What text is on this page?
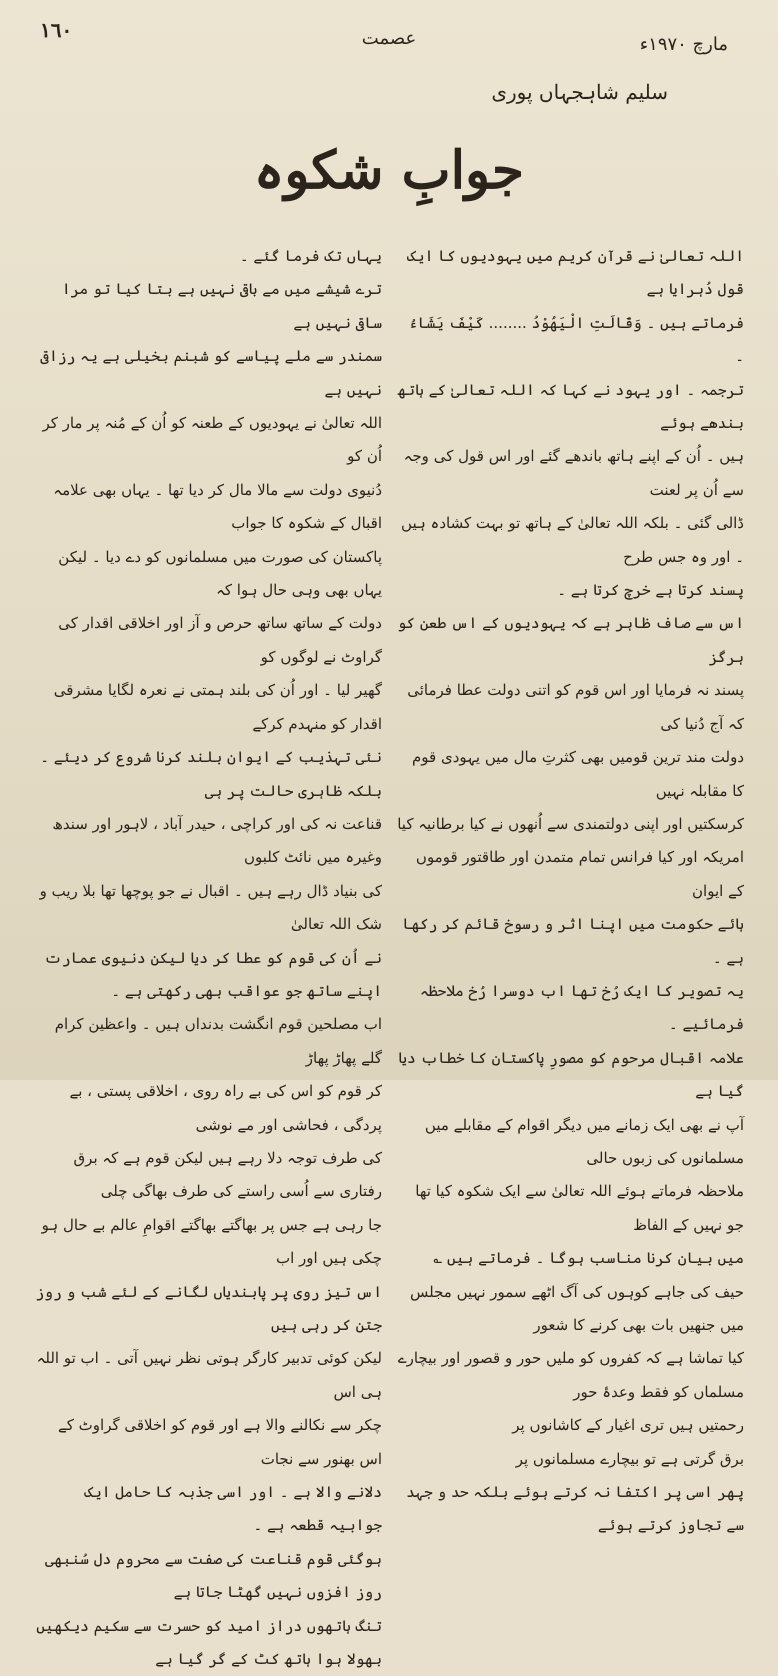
١٦٠	عصمت	مارچ ۱۹۷۰ء
سلیم شاہجہاں پوری
جوابِ شکوہ

اللہ تعالیٰ نے قرآن کریم میں یہودیوں کا ایک قول دُہرایا ہے

فرماتے ہیں ۔ وَقَالَتِ الْيَهُوْدُ ........ كَيْفَ يَشَاءُ ۔

ترجمہ ۔ اور یہود نے کہا کہ اللہ تعالیٰ کے ہاتھ بندھے ہوئے

ہیں ۔ اُن کے اپنے ہاتھ باندھے گئے اور اس قول کی وجہ سے اُن پر لعنت

ڈالی گئی ۔ بلکہ اللہ تعالیٰ کے ہاتھ تو بہت کشادہ ہیں ۔ اور وہ جس طرح

پسند کرتا ہے خرچ کرتا ہے ۔

اس سے صاف ظاہر ہے کہ یہودیوں کے اس طعن کو ہرگز

پسند نہ فرمایا اور اس قوم کو اتنی دولت عطا فرمائی کہ آج دُنیا کی

دولت مند ترین قومیں بھی کثرتِ مال میں یہودی قوم کا مقابلہ نہیں

کرسکتیں اور اپنی دولتمندی سے اُنھوں نے کیا برطانیہ کیا

امریکہ اور کیا فرانس تمام متمدن اور طاقتور قوموں کے ایوان

ہائے حکومت میں اپنا اثر و رسوخ قائم کر رکھا ہے ۔

یہ تصویر کا ایک رُخ تھا اب دوسرا رُخ ملاحظہ فرمائیے ۔

علامہ اقبال مرحوم کو مصورِ پاکستان کا خطاب دیا گیا ہے

آپ نے بھی ایک زمانے میں دیگر اقوام کے مقابلے میں مسلمانوں کی زبوں حالی

ملاحظہ فرماتے ہوئے اللہ تعالیٰ سے ایک شکوہ کیا تھا جو نہیں کے الفاظ

میں بیان کرنا مناسب ہوگا ۔ فرماتے ہیں ؎

حیف کی جاہے کوہوں کی آگ اٹھے سمور نہیں مجلس میں جنھیں بات بھی کرنے کا شعور

کیا تماشا ہے کہ کفروں کو ملیں حور و قصور اور بیچارے مسلماں کو فقط وعدۂ حور

رحمتیں ہیں تری اغیار کے کاشانوں پر

برق گرتی ہے تو بیچارے مسلمانوں پر

پھر اسی پر اکتفا نہ کرتے ہوئے بلکہ حد و جہد سے تجاوز کرتے ہوئے

یہاں تک فرما گئے ۔

ترے شیشے میں مے باقی نہیں ہے بتا کیا تو مرا ساقی نہیں ہے

سمندر سے ملے پیاسے کو شبنم بخیلی ہے یہ رزاقی نہیں ہے

اللہ تعالیٰ نے یہودیوں کے طعنہ کو اُن کے مُنہ پر مار کر اُن کو

دُنیوی دولت سے مالا مال کر دیا تھا ۔ یہاں بھی علامہ اقبال کے شکوہ کا جواب

پاکستان کی صورت میں مسلمانوں کو دے دیا ۔ لیکن یہاں بھی وہی حال ہوا کہ

دولت کے ساتھ ساتھ حرص و آز اور اخلاقی اقدار کی گراوٹ نے لوگوں کو

گھیر لیا ۔ اور اُن کی بلند ہمتی نے نعرہ لگایا مشرقی اقدار کو منہدم کرکے

نئی تہذیب کے ایوان بلند کرنا شروع کر دیئے ۔ بلکہ ظاہری حالت پر ہی

قناعت نہ کی اور کراچی ، حیدر آباد ، لاہور اور سندھ وغیرہ میں نائٹ کلبوں

کی بنیاد ڈال رہے ہیں ۔ اقبال نے جو پوچھا تھا بلا ریب و شک اللہ تعالیٰ

نے اُن کی قوم کو عطا کر دیا لیکن دنیوی عمارت اپنے ساتھ جو عواقب بھی رکھتی ہے ۔

اب مصلحین قوم انگشت بدنداں ہیں ۔ واعظین کرام گلے پھاڑ پھاڑ

کر قوم کو اس کی بے راہ روی ، اخلاقی پستی ، بے پردگی ، فحاشی اور مے نوشی

کی طرف توجہ دلا رہے ہیں لیکن قوم ہے کہ برق رفتاری سے اُسی راستے کی طرف بھاگی چلی

جا رہی ہے جس پر بھاگتے بھاگتے اقوامِ عالم بے حال ہو چکی ہیں اور اب

اس تیز روی پر پابندیاں لگانے کے لئے شب و روز جتن کر رہی ہیں

لیکن کوئی تدبیر کارگر ہوتی نظر نہیں آتی ۔ اب تو اللہ ہی اس

چکر سے نکالنے والا ہے اور قوم کو اخلاقی گراوٹ کے اس بھنور سے نجات

دلانے والا ہے ۔ اور اسی جذبہ کا حامل ایک جوابیہ قطعہ ہے ۔

ہوگئی قوم قناعت کی صفت سے محروم دل سُنبھی روز افزوں نہیں گھٹا جاتا ہے

تنگ ہاتھوں دراز امید کو حسرت سے سکیم دیکھیں بھولا ہوا ہاتھ کٹ کے گر گیا ہے
